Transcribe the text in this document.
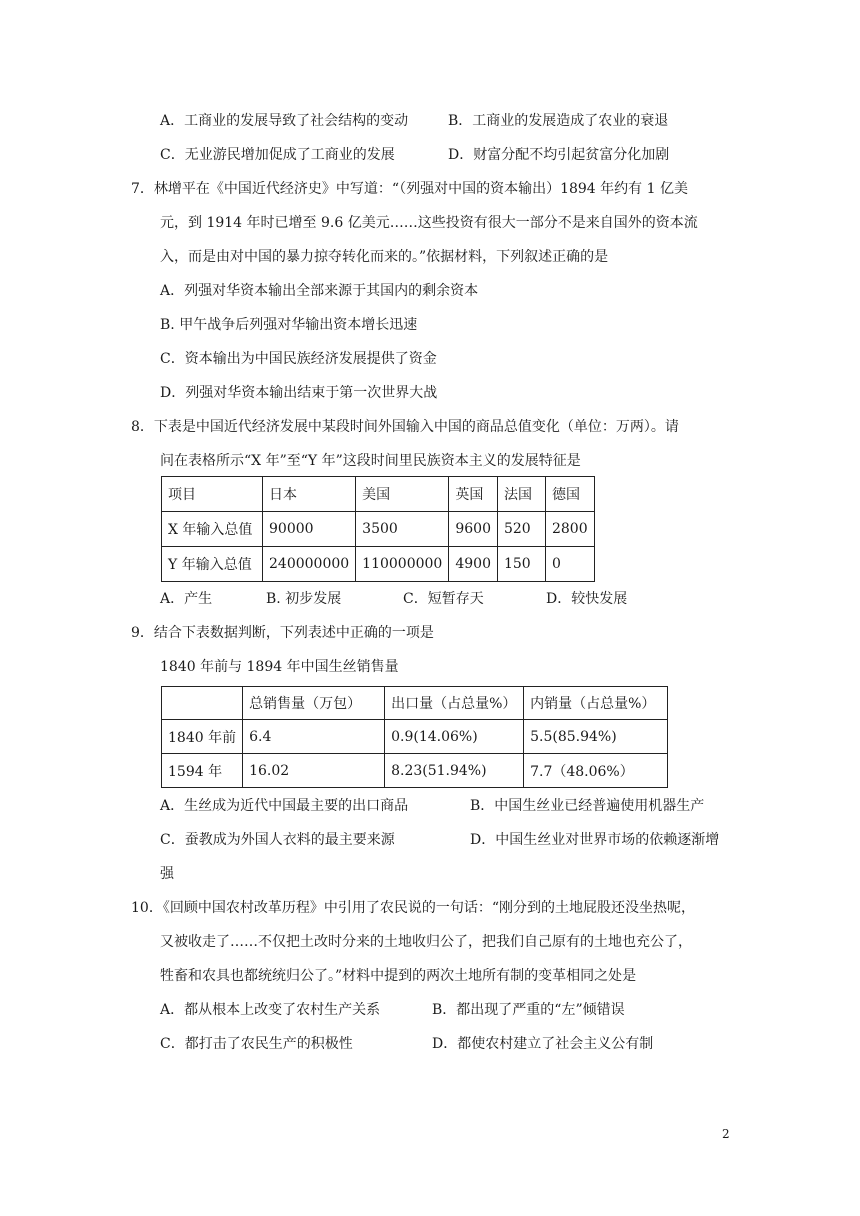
A．工商业的发展导致了社会结构的变动	B．工商业的发展造成了农业的衰退
C．无业游民增加促成了工商业的发展	D．财富分配不均引起贫富分化加剧
7．林增平在《中国近代经济史》中写道：“（列强对中国的资本输出）1894 年约有 1 亿美
元，到 1914 年时已增至 9.6 亿美元……这些投资有很大一部分不是来自国外的资本流
入，而是由对中国的暴力掠夺转化而来的。”依据材料，下列叙述正确的是
A．列强对华资本输出全部来源于其国内的剩余资本
B. 甲午战争后列强对华输出资本增长迅速
C．资本输出为中国民族经济发展提供了资金
D．列强对华资本输出结束于第一次世界大战
8．下表是中国近代经济发展中某段时间外国输入中国的商品总值变化（单位：万两）。请
问在表格所示“X 年”至“Y 年”这段时间里民族资本主义的发展特征是
项目	日本	美国	英国	法国	德国
X 年输入总值	90000	3500	9600	520	2800
Y 年输入总值	240000000	110000000	4900	150	0
A．产生	B. 初步发展	C．短暂存天	D．较快发展
9．结合下表数据判断，下列表述中正确的一项是
1840 年前与 1894 年中国生丝销售量
	总销售量（万包）	出口量（占总量%）	内销量（占总量%）
1840 年前	6.4	0.9(14.06%)	5.5(85.94%)
1594 年	16.02	8.23(51.94%)	7.7（48.06%）
A．生丝成为近代中国最主要的出口商品	B．中国生丝业已经普遍使用机器生产
C．蚕教成为外国人衣料的最主要来源	D．中国生丝业对世界市场的依赖逐渐增
强
10．《回顾中国农村改革历程》中引用了农民说的一句话：“刚分到的土地屁股还没坐热呢，
又被收走了……不仅把土改时分来的土地收归公了，把我们自己原有的土地也充公了，
牲畜和农具也都统统归公了。”材料中提到的两次土地所有制的变革相同之处是
A．都从根本上改变了农村生产关系	B．都出现了严重的“左”倾错误
C．都打击了农民生产的积极性	D．都使农村建立了社会主义公有制
2
